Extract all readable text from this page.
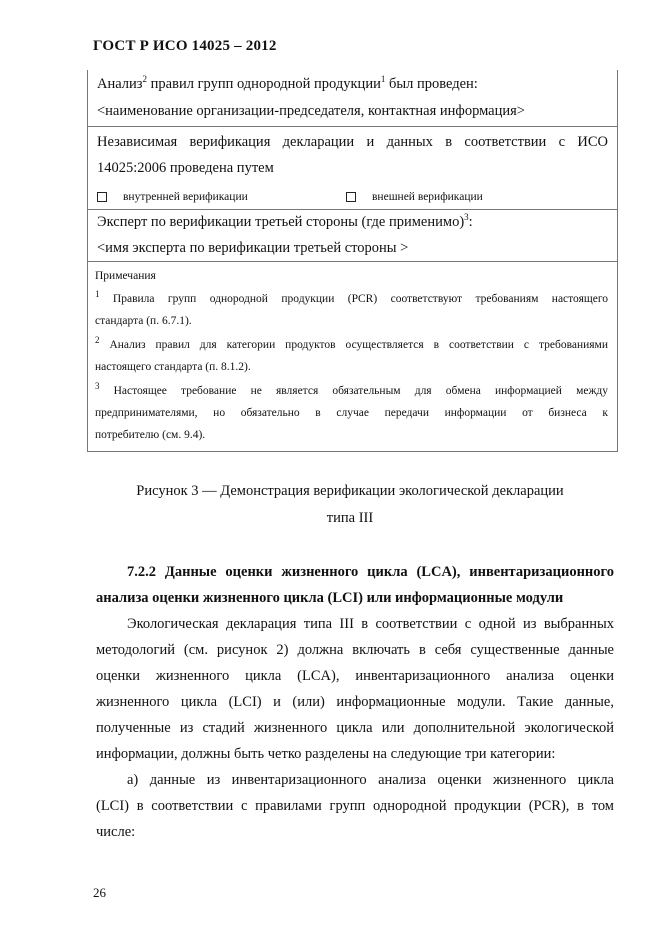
ГОСТ Р ИСО 14025 – 2012
Анализ$^2$ правил групп однородной продукции$^1$ был проведен:
<наименование организации-председателя, контактная информация>
Независимая верификация декларации и данных в соответствии с ИСО
14025:2006 проведена путем
внутренней верификации	внешней верификации
Эксперт по верификации третьей стороны (где применимо)$^3$:
<имя эксперта по верификации третьей стороны >
Примечания
$^1$ Правила групп однородной продукции (PCR) соответствуют требованиям настоящего
стандарта (п. 6.7.1).
$^2$ Анализ правил для категории продуктов осуществляется в соответствии с требованиями
настоящего стандарта (п. 8.1.2).
$^3$ Настоящее требование не является обязательным для обмена информацией между
предпринимателями, но обязательно в случае передачи информации от бизнеса к
потребителю (см. 9.4).
Рисунок 3 — Демонстрация верификации экологической декларации
типа III
7.2.2 Данные оценки жизненного цикла (LCA), инвентаризационного
анализа оценки жизненного цикла (LCI) или информационные модули
Экологическая декларация типа III в соответствии с одной из выбранных
методологий (см. рисунок 2) должна включать в себя существенные данные
оценки жизненного цикла (LCA), инвентаризационного анализа оценки
жизненного цикла (LCI) и (или) информационные модули. Такие данные,
полученные из стадий жизненного цикла или дополнительной экологической
информации, должны быть четко разделены на следующие три категории:
а) данные из инвентаризационного анализа оценки жизненного цикла
(LCI) в соответствии с правилами групп однородной продукции (PCR), в том
числе:
26
